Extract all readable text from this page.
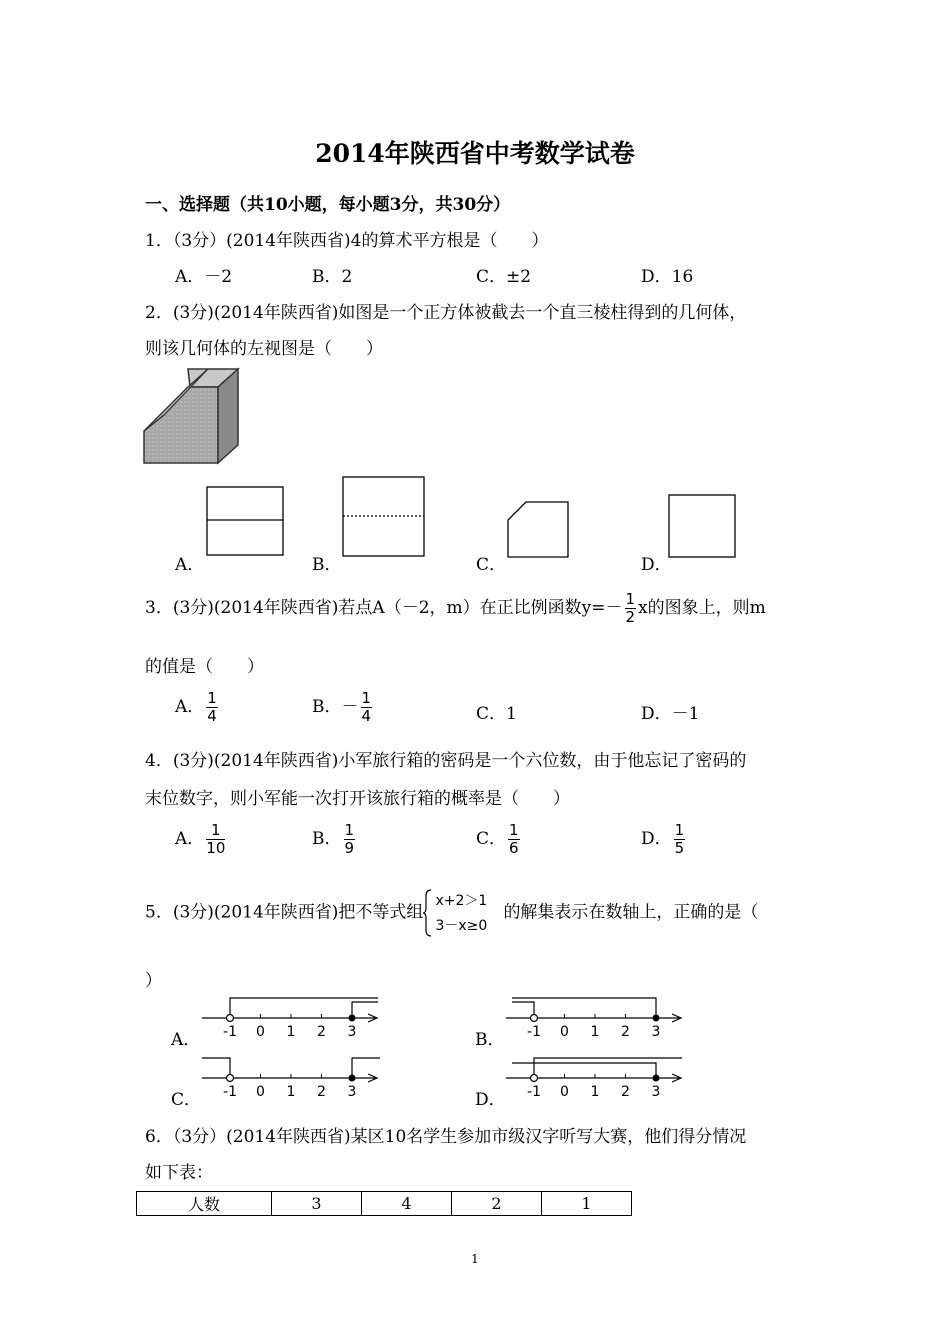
2014年陕西省中考数学试卷
一、选择题（共10小题，每小题3分，共30分）
1．（3分）(2014年陕西省)4的算术平方根是（　　）
A．－2	B．2	C．±2	D．16
2．(3分)(2014年陕西省)如图是一个正方体被截去一个直三棱柱得到的几何体，
则该几何体的左视图是（　　）
A．	B．	C．	D．
3．(3分)(2014年陕西省)若点A（－2，m）在正比例函数$y=- \frac{1}{2}$ x的图象上，则m
的值是（　　）
A． $\frac{1}{4}$	B．－ $\frac{1}{4}$	C．1	D．－1
4．(3分)(2014年陕西省)小军旅行箱的密码是一个六位数，由于他忘记了密码的
末位数字，则小军能一次打开该旅行箱的概率是（　　）
A． $\frac{1}{10}$	B． $\frac{1}{9}$	C． $\frac{1}{6}$	D． $\frac{1}{5}$
5．(3分)(2014年陕西省)把不等式组
x+2＞1
3－x≥0
的解集表示在数轴上，正确的是（
）
A． -1 0 1 2 3	B． -1 0 1 2 3
C． -1 0 1 2 3	D． -1 0 1 2 3
6．（3分）(2014年陕西省)某区10名学生参加市级汉字听写大赛，他们得分情况
如下表：
人数	3	4	2	1
1
